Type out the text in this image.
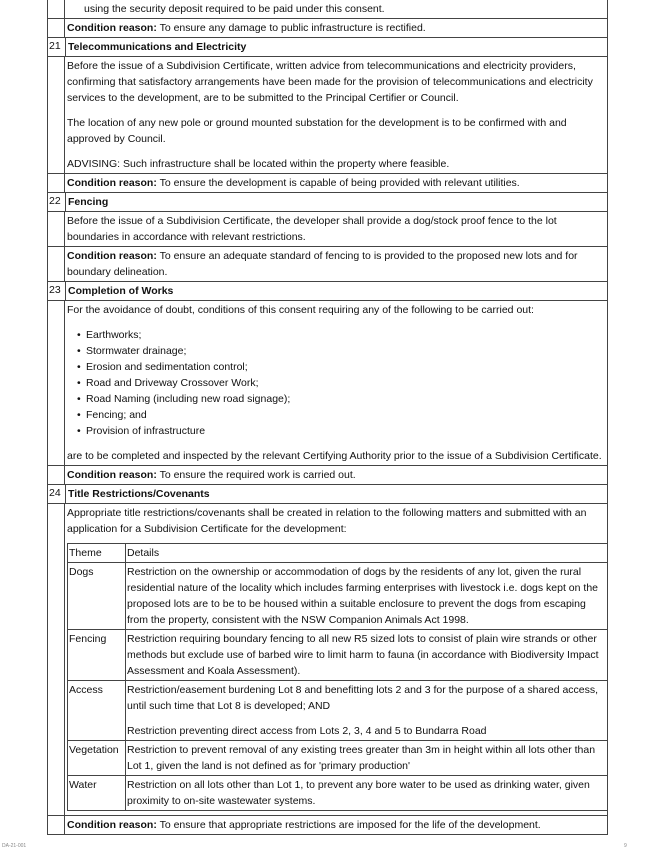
using the security deposit required to be paid under this consent.
Condition reason: To ensure any damage to public infrastructure is rectified.
21 Telecommunications and Electricity

Before the issue of a Subdivision Certificate, written advice from telecommunications and electricity providers, confirming that satisfactory arrangements have been made for the provision of telecommunications and electricity services to the development, are to be submitted to the Principal Certifier or Council.

The location of any new pole or ground mounted substation for the development is to be confirmed with and approved by Council.

ADVISING: Such infrastructure shall be located within the property where feasible.

Condition reason: To ensure the development is capable of being provided with relevant utilities.
22 Fencing

Before the issue of a Subdivision Certificate, the developer shall provide a dog/stock proof fence to the lot boundaries in accordance with relevant restrictions.

Condition reason: To ensure an adequate standard of fencing to is provided to the proposed new lots and for boundary delineation.
23 Completion of Works

For the avoidance of doubt, conditions of this consent requiring any of the following to be carried out:

• Earthworks;
• Stormwater drainage;
• Erosion and sedimentation control;
• Road and Driveway Crossover Work;
• Road Naming (including new road signage);
• Fencing; and
• Provision of infrastructure

are to be completed and inspected by the relevant Certifying Authority prior to the issue of a Subdivision Certificate.

Condition reason: To ensure the required work is carried out.
24 Title Restrictions/Covenants

Appropriate title restrictions/covenants shall be created in relation to the following matters and submitted with an application for a Subdivision Certificate for the development:

Theme	Details
Dogs	Restriction on the ownership or accommodation of dogs by the residents of any lot, given the rural residential nature of the locality which includes farming enterprises with livestock i.e. dogs kept on the proposed lots are to be to be housed within a suitable enclosure to prevent the dogs from escaping from the property, consistent with the NSW Companion Animals Act 1998.
Fencing	Restriction requiring boundary fencing to all new R5 sized lots to consist of plain wire strands or other methods but exclude use of barbed wire to limit harm to fauna (in accordance with Biodiversity Impact Assessment and Koala Assessment).
Access	Restriction/easement burdening Lot 8 and benefitting lots 2 and 3 for the purpose of a shared access, until such time that Lot 8 is developed; AND
Restriction preventing direct access from Lots 2, 3, 4 and 5 to Bundarra Road

Vegetation	Restriction to prevent removal of any existing trees greater than 3m in height within all lots other than Lot 1, given the land is not defined as for 'primary production'
Water	Restriction on all lots other than Lot 1, to prevent any bore water to be used as drinking water, given proximity to on-site wastewater systems.
Condition reason: To ensure that appropriate restrictions are imposed for the life of the development.
DA-21-001	9
